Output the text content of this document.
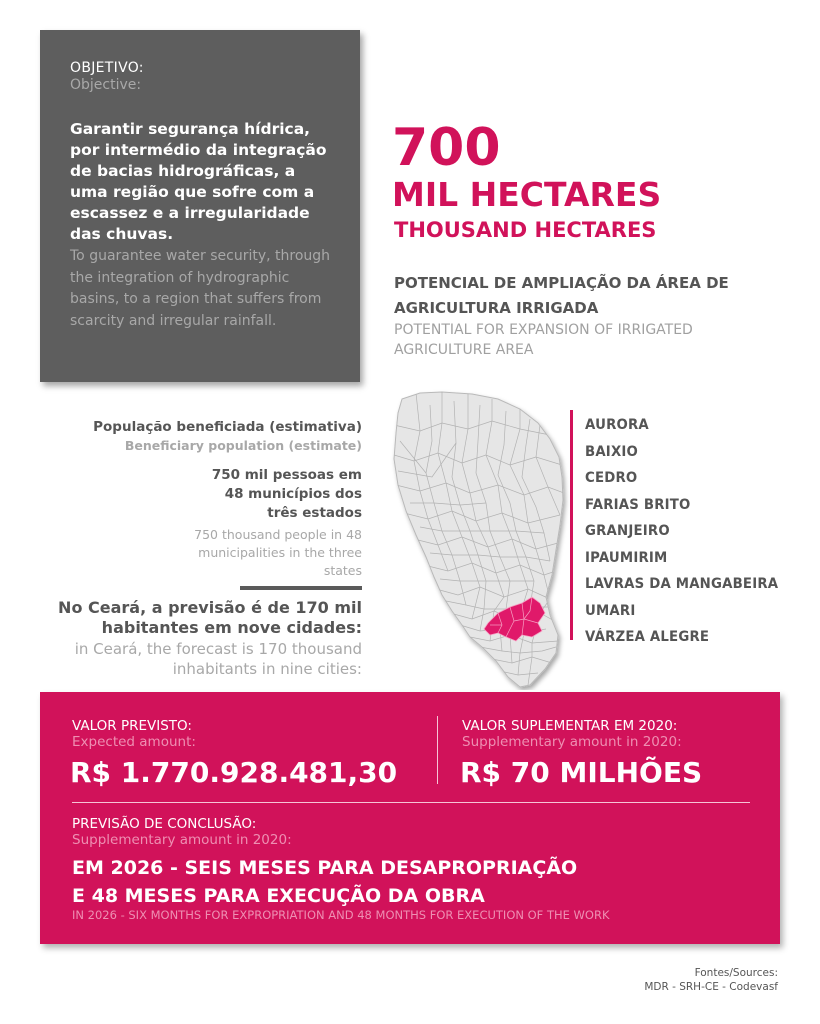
OBJETIVO:
Objective:
Garantir segurança hídrica, por intermédio da integração de bacias hidrográficas, a uma região que sofre com a escassez e a irregularidade das chuvas.
To guarantee water security, through the integration of hydrographic basins, to a region that suffers from scarcity and irregular rainfall.
700
MIL HECTARES
THOUSAND HECTARES
POTENCIAL DE AMPLIAÇÃO DA ÁREA DE AGRICULTURA IRRIGADA
POTENTIAL FOR EXPANSION OF IRRIGATED AGRICULTURE AREA
População beneficiada (estimativa)
Beneficiary population (estimate)
750 mil pessoas em 48 municípios dos três estados
750 thousand people in 48 municipalities in the three states
No Ceará, a previsão é de 170 mil habitantes em nove cidades:
in Ceará, the forecast is 170 thousand inhabitants in nine cities:
AURORA
BAIXIO
CEDRO
FARIAS BRITO
GRANJEIRO
IPAUMIRIM
LAVRAS DA MANGABEIRA
UMARI
VÁRZEA ALEGRE
VALOR PREVISTO:
Expected amount:
R$ 1.770.928.481,30
VALOR SUPLEMENTAR EM 2020:
Supplementary amount in 2020:
R$ 70 MILHÕES
PREVISÃO DE CONCLUSÃO:
Supplementary amount in 2020:
EM 2026 - SEIS MESES PARA DESAPROPRIAÇÃO
E 48 MESES PARA EXECUÇÃO DA OBRA
IN 2026 - SIX MONTHS FOR EXPROPRIATION AND 48 MONTHS FOR EXECUTION OF THE WORK
Fontes/Sources:
MDR - SRH-CE - Codevasf
